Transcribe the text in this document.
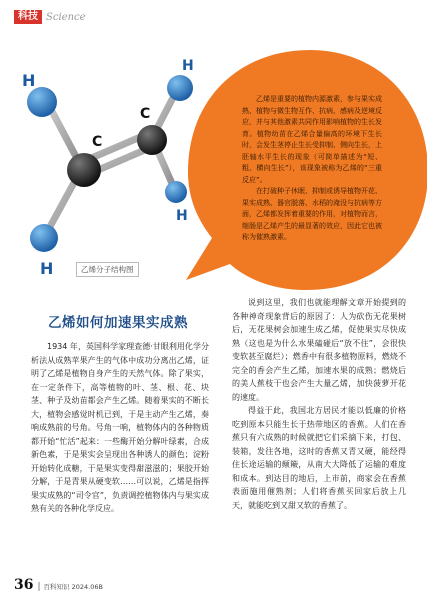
科技 Science

乙烯是重要的植物内源激素，参与果实成熟、植物与微生物互作、抗病、感病及逆境反应，并与其他激素共同作用影响植物的生长发育。植物幼苗在乙烯合量偏高的环境下生长时，会发生茎停止生长受抑制、侧向生长，上胚轴水平生长的现象（可简单描述为“短、粗、横向生长”），该现象被称为乙烯的“三重反应”。

在打破种子休眠、抑制或诱导植物开花、果实成熟、器官脱落、水稻的淹没与抗病等方面，乙烯都发挥着重要的作用，对植物而言，缩肠是乙烯产生的最显著的效应，因此它也被称为催熟激素。

H
H
H
H
C
C
乙烯分子结构图
乙烯如何加速果实成熟

1934 年，英国科学家理查德·甘眼利用化学分析法从成熟苹果产生的气体中成功分离出乙烯，证明了乙烯是植物自身产生的天然气体。除了果实，在一定条件下，高等植物的叶、茎、根、花、块茎、种子及幼苗都会产生乙烯。随着果实的不断长大，植物会感觉时机已到，于是主动产生乙烯，奏响成熟前的号角。号角一响，植物体内的各种物质都开始“忙活”起来：一些酶开始分解叶绿素，合成新色素，于是果实会呈现出各种诱人的颜色；淀粉开始转化成糖，于是果实变得甜滋滋的；果胶开始分解，于是青果从硬变软……可以说，乙烯是指挥果实成熟的“司令官”，负责调控植物体内与果实成熟有关的各种化学反应。

说到这里，我们也就能理解文章开始提到的各种神奇现象背后的原因了：人为砍伤无花果树后，无花果树会加速生成乙烯，促使果实尽快成熟（这也是为什么水果磕碰后“放不住”，会很快变软甚至腐烂）；燃香中有很多植物原料，燃烧不完全的香会产生乙烯，加速水果的成熟；燃烧后的美人蕉枝干也会产生大量乙烯，加快菠萝开花的速度。

得益于此，我国北方居民才能以低廉的价格吃到原本只能生长于热带地区的香蕉。人们在香蕉只有六成熟的时候就把它们采摘下来，打包、装箱，发往各地，这时的香蕉又青又硬，能经得住长途运输的颠簸，从南大大降低了运输的难度和成本。到达目的地后，上市前，商家会在香蕉表面施用催熟剂；人们将香蕉买回家后放上几天，就能吃到又甜又软的香蕉了。

36 | 百科知识 2024.06B
